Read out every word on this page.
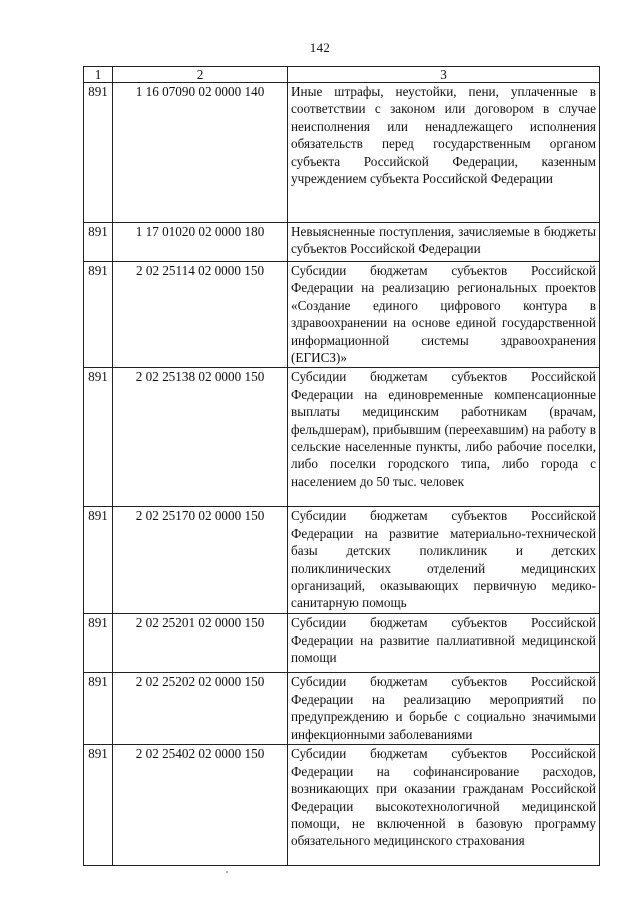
142
1	2	3
891	1 16 07090 02 0000 140	Иные штрафы, неустойки, пени, уплаченные в соответствии с законом или договором в случае неисполнения или ненадлежащего исполнения обязательств перед государственным органом субъекта Российской Федерации, казенным учреждением субъекта Российской Федерации
891	1 17 01020 02 0000 180	Невыясненные поступления, зачисляемые в бюджеты субъектов Российской Федерации
891	2 02 25114 02 0000 150	Субсидии бюджетам субъектов Российской Федерации на реализацию региональных проектов «Создание единого цифрового контура в здравоохранении на основе единой государственной информационной системы здравоохранения (ЕГИСЗ)»
891	2 02 25138 02 0000 150	Субсидии бюджетам субъектов Российской Федерации на единовременные компенсационные выплаты медицинским работникам (врачам, фельдшерам), прибывшим (переехавшим) на работу в сельские населенные пункты, либо рабочие поселки, либо поселки городского типа, либо города с населением до 50 тыс. человек
891	2 02 25170 02 0000 150	Субсидии бюджетам субъектов Российской Федерации на развитие материально-технической базы детских поликлиник и детских поликлинических отделений медицинских организаций, оказывающих первичную медико-санитарную помощь
891	2 02 25201 02 0000 150	Субсидии бюджетам субъектов Российской Федерации на развитие паллиативной медицинской помощи
891	2 02 25202 02 0000 150	Субсидии бюджетам субъектов Российской Федерации на реализацию мероприятий по предупреждению и борьбе с социально значимыми инфекционными заболеваниями
891	2 02 25402 02 0000 150	Субсидии бюджетам субъектов Российской Федерации на софинансирование расходов, возникающих при оказании гражданам Российской Федерации высокотехнологичной медицинской помощи, не включенной в базовую программу обязательного медицинского страхования
